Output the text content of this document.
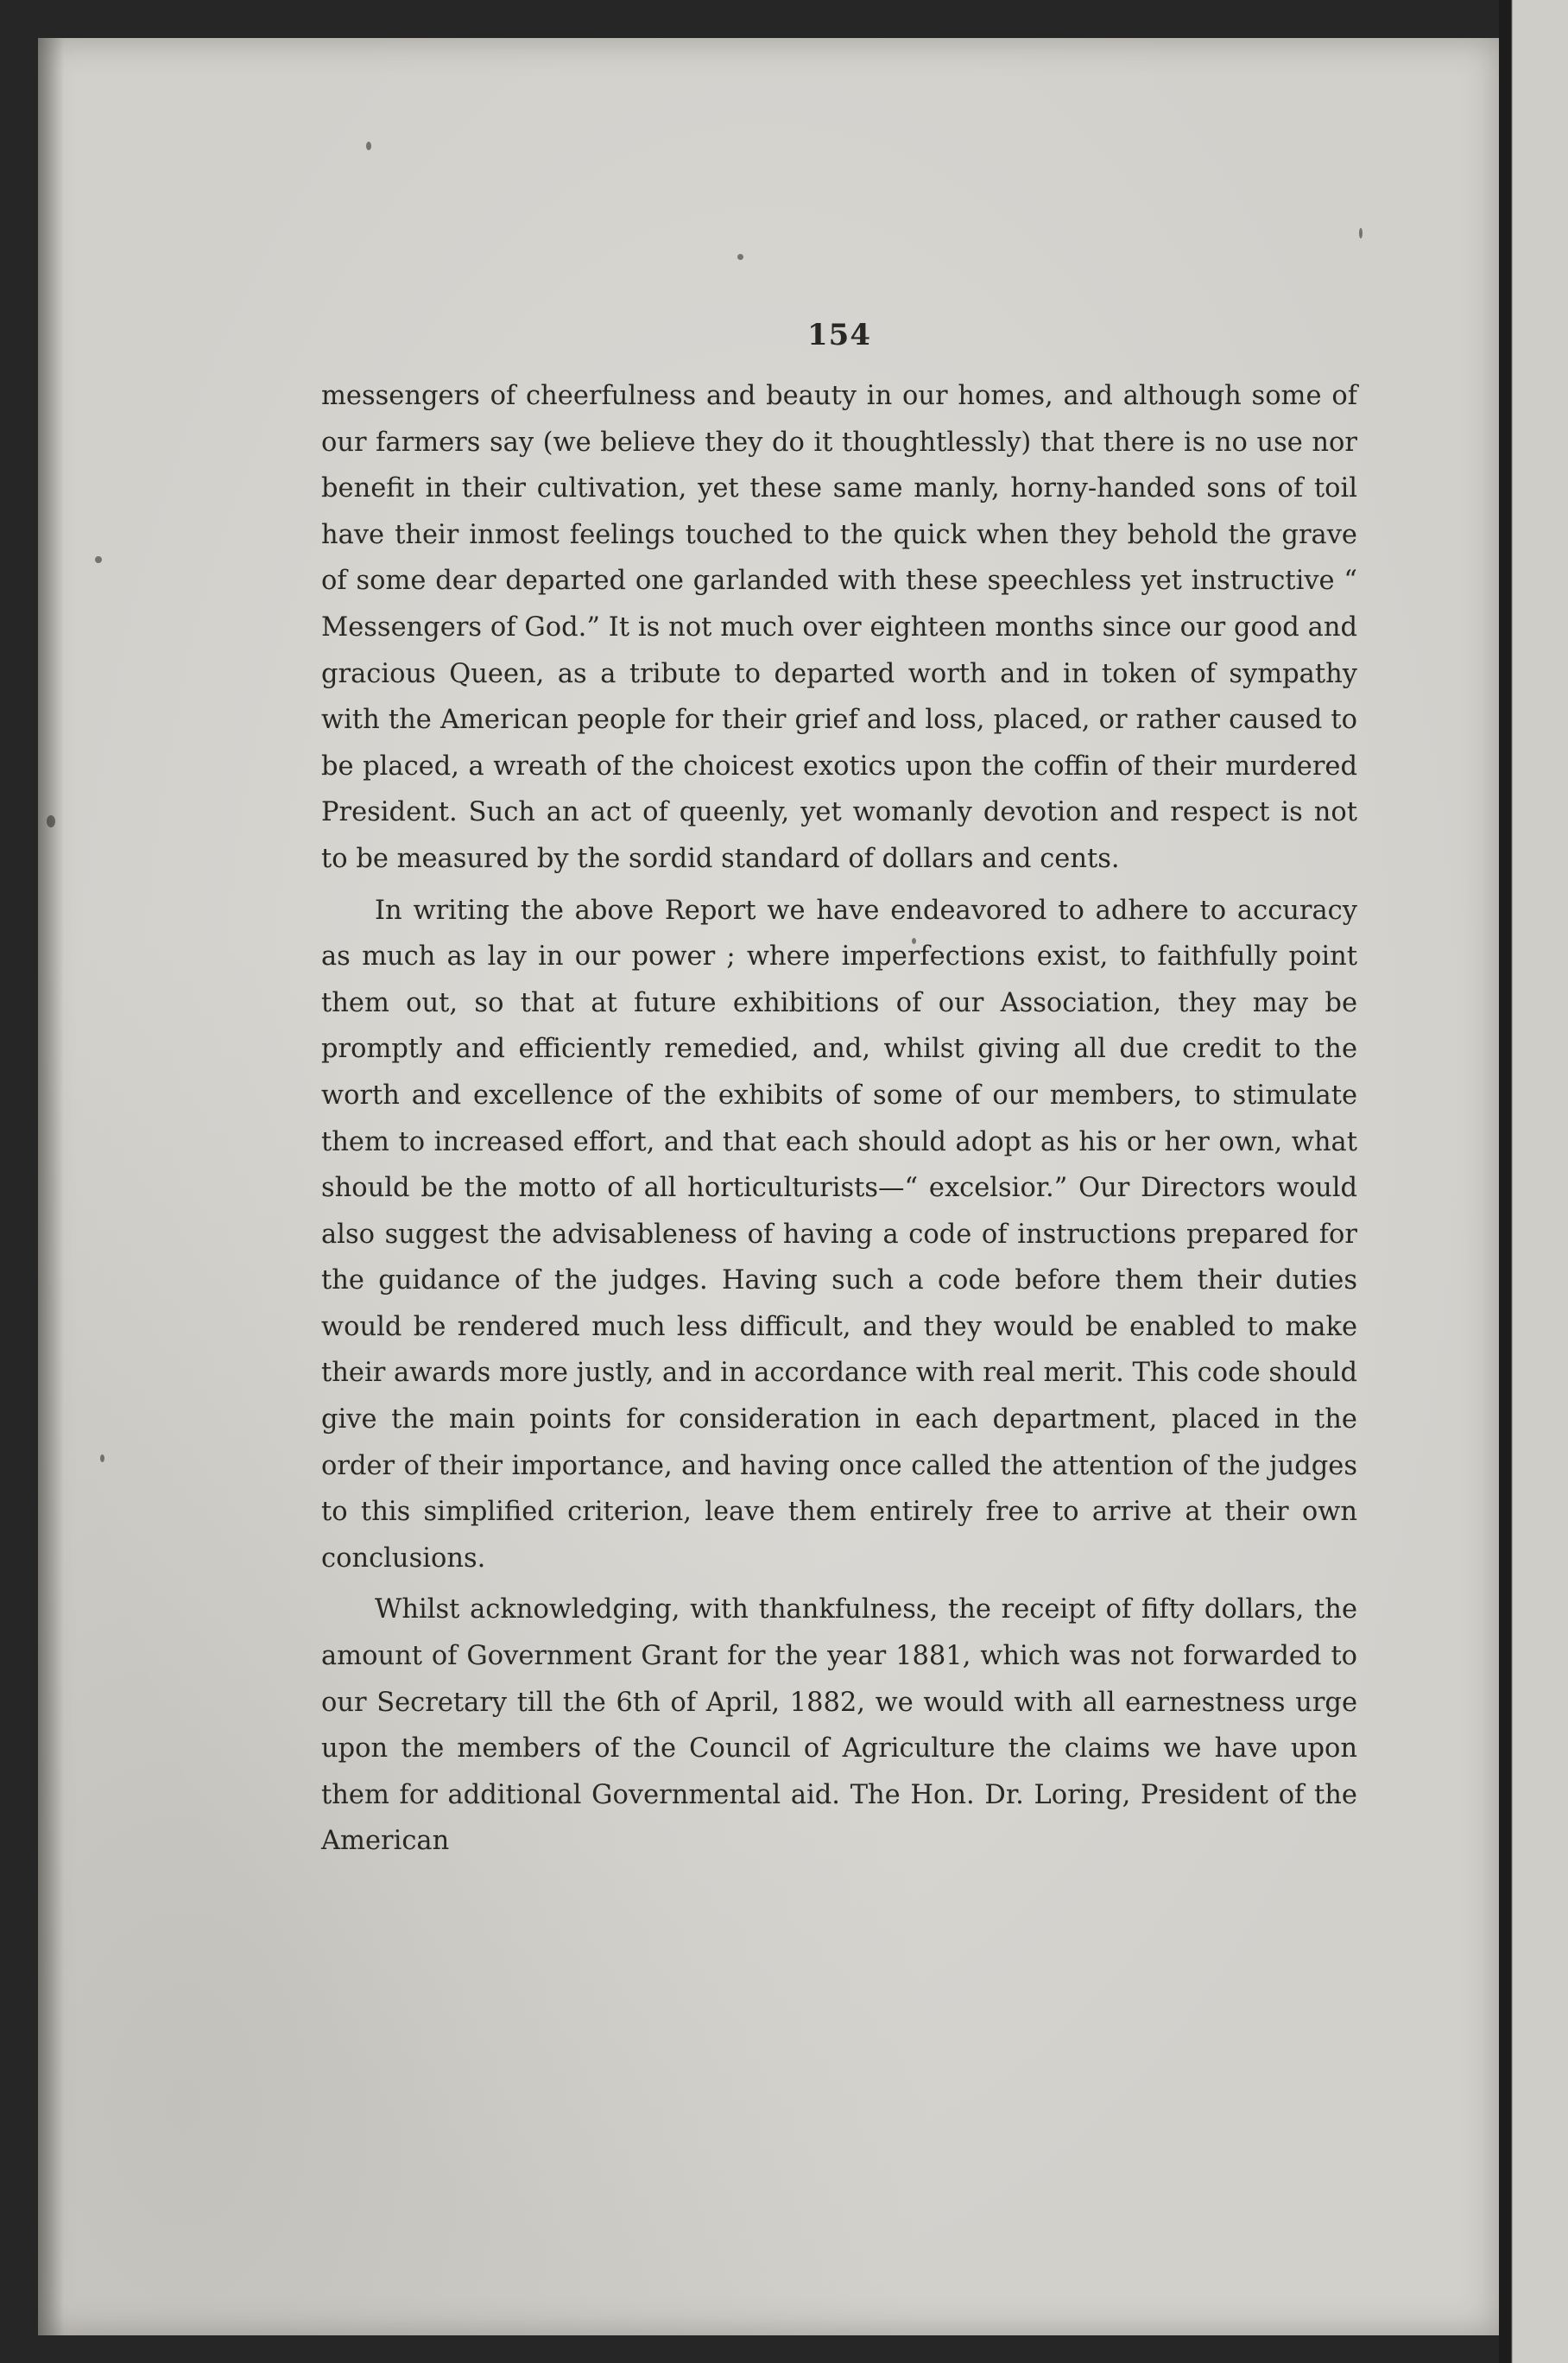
154

messengers of cheerfulness and beauty in our homes, and although some of our farmers say (we believe they do it thoughtlessly) that there is no use nor benefit in their cultivation, yet these same manly, horny-handed sons of toil have their inmost feelings touched to the quick when they behold the grave of some dear departed one garlanded with these speechless yet instructive “ Messengers of God.” It is not much over eighteen months since our good and gracious Queen, as a tribute to departed worth and in token of sympathy with the American people for their grief and loss, placed, or rather caused to be placed, a wreath of the choicest exotics upon the coffin of their murdered President. Such an act of queenly, yet womanly devotion and respect is not to be measured by the sordid standard of dollars and cents.

In writing the above Report we have endeavored to adhere to accuracy as much as lay in our power ; where imperfections exist, to faithfully point them out, so that at future exhibitions of our Association, they may be promptly and efficiently remedied, and, whilst giving all due credit to the worth and excellence of the exhibits of some of our members, to stimulate them to increased effort, and that each should adopt as his or her own, what should be the motto of all horticulturists—“ excelsior.” Our Directors would also suggest the advisableness of having a code of instructions prepared for the guidance of the judges. Having such a code before them their duties would be rendered much less difficult, and they would be enabled to make their awards more justly, and in accordance with real merit. This code should give the main points for consideration in each department, placed in the order of their importance, and having once called the attention of the judges to this simplified criterion, leave them entirely free to arrive at their own conclusions.

Whilst acknowledging, with thankfulness, the receipt of fifty dollars, the amount of Government Grant for the year 1881, which was not forwarded to our Secretary till the 6th of April, 1882, we would with all earnestness urge upon the members of the Council of Agriculture the claims we have upon them for additional Governmental aid. The Hon. Dr. Loring, President of the American
